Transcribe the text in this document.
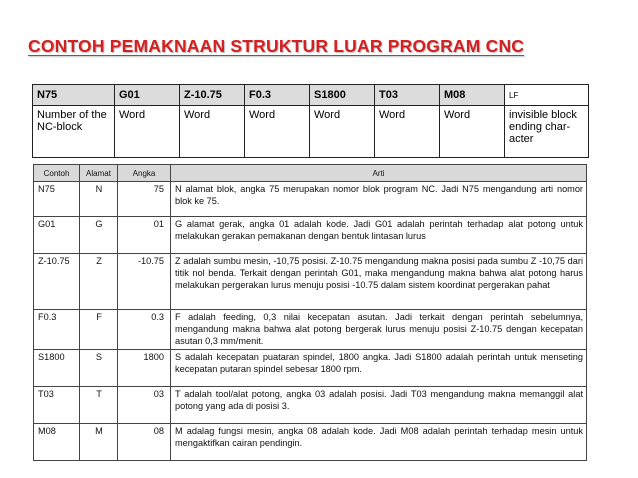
CONTOH PEMAKNAAN STRUKTUR LUAR PROGRAM CNC
N75	G01	Z-10.75	F0.3	S1800	T03	M08	LF
Number of the NC-block	Word	Word	Word	Word	Word	Word	invisible block ending char- acter
Contoh	Alamat	Angka	Arti
N75	N	75	N alamat blok, angka 75 merupakan nomor blok program NC. Jadi N75 mengandung arti nomor blok ke 75.
G01	G	01	G alamat gerak, angka 01 adalah kode. Jadi G01 adalah perintah terhadap alat potong untuk melakukan gerakan pemakanan dengan bentuk lintasan lurus
Z-10.75	Z	-10.75	Z adalah sumbu mesin, -10,75 posisi. Z-10.75 mengandung makna posisi pada sumbu Z -10,75 dari titik nol benda. Terkait dengan perintah G01, maka mengandung makna bahwa alat potong harus melakukan pergerakan lurus menuju posisi -10.75 dalam sistem koordinat pergerakan pahat
F0.3	F	0.3	F adalah feeding, 0,3 nilai kecepatan asutan. Jadi terkait dengan perintah sebelumnya, mengandung makna bahwa alat potong bergerak lurus menuju posisi Z-10.75 dengan kecepatan asutan 0,3 mm/menit.
S1800	S	1800	S adalah kecepatan puataran spindel, 1800 angka. Jadi S1800 adalah perintah untuk menseting kecepatan putaran spindel sebesar 1800 rpm.
T03	T	03	T adalah tool/alat potong, angka 03 adalah posisi. Jadi T03 mengandung makna memanggil alat potong yang ada di posisi 3.
M08	M	08	M adalag fungsi mesin, angka 08 adalah kode. Jadi M08 adalah perintah terhadap mesin untuk mengaktifkan cairan pendingin.
